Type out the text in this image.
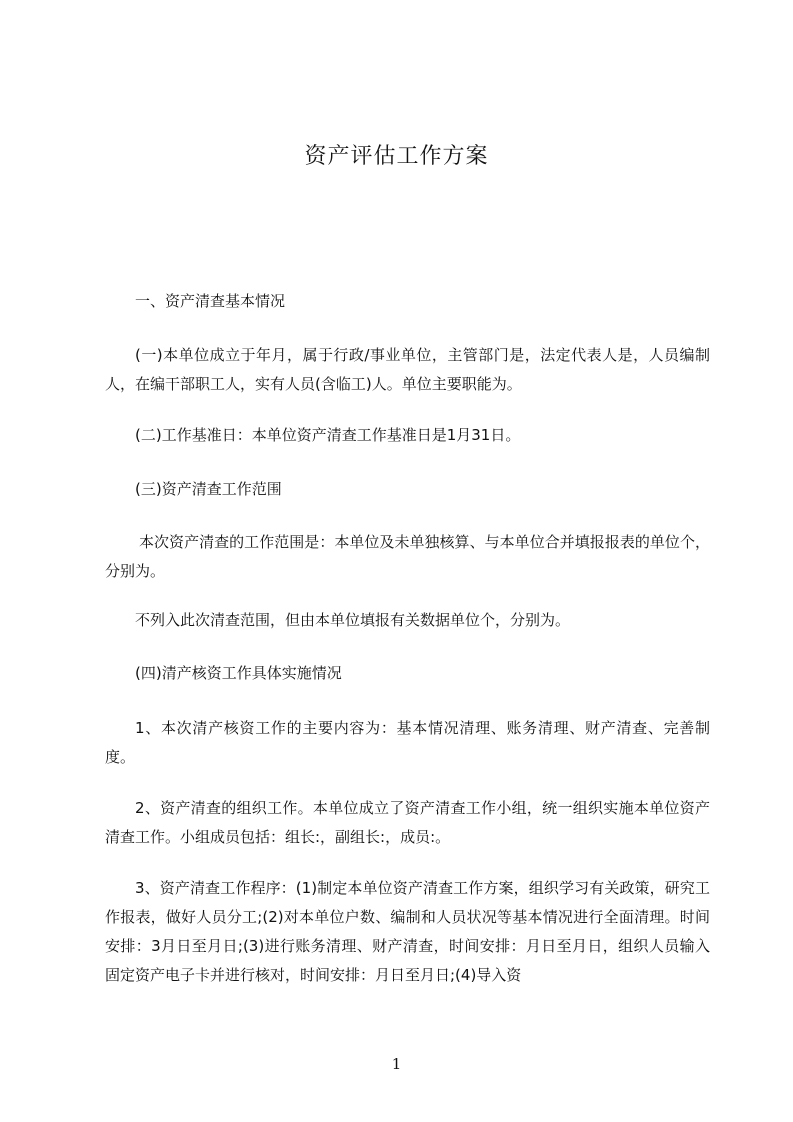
资产评估工作方案

一、资产清查基本情况

(一)本单位成立于年月，属于行政/事业单位，主管部门是，法定代表人是，人员编制人，在编干部职工人，实有人员(含临工)人。单位主要职能为。

(二)工作基准日：本单位资产清查工作基准日是1月31日。

(三)资产清查工作范围

本次资产清查的工作范围是：本单位及未单独核算、与本单位合并填报报表的单位个，分别为。

不列入此次清查范围，但由本单位填报有关数据单位个，分别为。

(四)清产核资工作具体实施情况

1、本次清产核资工作的主要内容为：基本情况清理、账务清理、财产清查、完善制度。

2、资产清查的组织工作。本单位成立了资产清查工作小组，统一组织实施本单位资产清查工作。小组成员包括：组长:，副组长:，成员:。

3、资产清查工作程序：(1)制定本单位资产清查工作方案，组织学习有关政策，研究工作报表，做好人员分工;(2)对本单位户数、编制和人员状况等基本情况进行全面清理。时间安排：3月日至月日;(3)进行账务清理、财产清查，时间安排：月日至月日，组织人员输入固定资产电子卡并进行核对，时间安排：月日至月日;(4)导入资

1
